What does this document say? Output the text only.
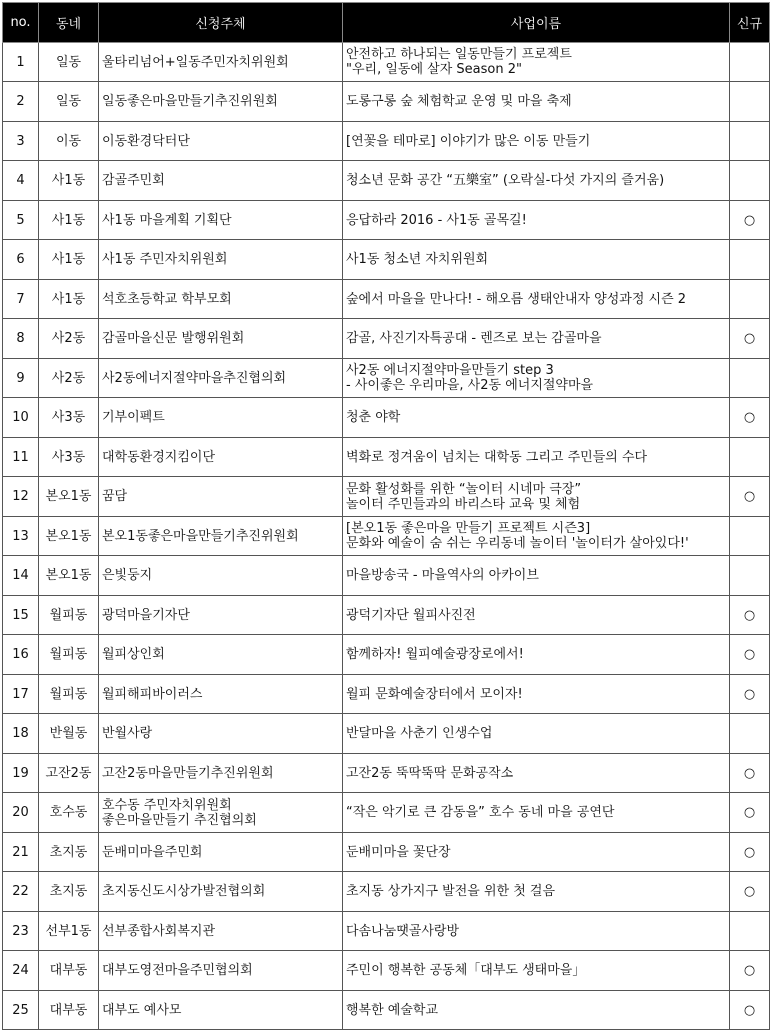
no.	동네	신청주체	사업이름	신규
1	일동	울타리넘어+일동주민자치위원회	안전하고 하나되는 일동만들기 프로젝트
"우리, 일동에 살자 Season 2"	

2	일동	일동좋은마을만들기추진위원회	도롱구롱 숲 체험학교 운영 및 마을 축제	

3	이동	이동환경닥터단	[연꽃을 테마로] 이야기가 많은 이동 만들기	

4	사1동	감골주민회	청소년 문화 공간 “五樂室” (오락실-다섯 가지의 즐거움)	

5	사1동	사1동 마을계획 기획단	응답하라 2016 - 사1동 골목길!	○
6	사1동	사1동 주민자치위원회	사1동 청소년 자치위원회	

7	사1동	석호초등학교 학부모회	숲에서 마을을 만나다! - 해오름 생태안내자 양성과정 시즌 2	

8	사2동	감골마을신문 발행위원회	감골, 사진기자특공대 - 렌즈로 보는 감골마을	○
9	사2동	사2동에너지절약마을추진협의회	사2동 에너지절약마을만들기 step 3
- 사이좋은 우리마을, 사2동 에너지절약마을	

10	사3동	기부이펙트	청춘 야학	○
11	사3동	대학동환경지킴이단	벽화로 정겨움이 넘치는 대학동 그리고 주민들의 수다	

12	본오1동	꿈담	문화 활성화를 위한 “놀이터 시네마 극장”
놀이터 주민들과의 바리스타 교육 및 체험	○
13	본오1동	본오1동좋은마을만들기추진위원회	[본오1동 좋은마을 만들기 프로젝트 시즌3]
문화와 예술이 숨 쉬는 우리동네 놀이터 '놀이터가 살아있다!'	

14	본오1동	은빛둥지	마을방송국 - 마을역사의 아카이브	

15	월피동	광덕마을기자단	광덕기자단 월피사진전	○
16	월피동	월피상인회	함께하자! 월피예술광장로에서!	○
17	월피동	월피해피바이러스	월피 문화예술장터에서 모이자!	○
18	반월동	반월사랑	반달마을 사춘기 인생수업	

19	고잔2동	고잔2동마을만들기추진위원회	고잔2동 뚝딱뚝딱 문화공작소	○
20	호수동	호수동 주민자치위원회
좋은마을만들기 추진협의회	“작은 악기로 큰 감동을” 호수 동네 마을 공연단	○
21	초지동	둔배미마을주민회	둔배미마을 꽃단장	○
22	초지동	초지동신도시상가발전협의회	초지동 상가지구 발전을 위한 첫 걸음	○
23	선부1동	선부종합사회복지관	다솜나눔땟골사랑방	

24	대부동	대부도영전마을주민협의회	주민이 행복한 공동체「대부도 생태마을」	○
25	대부동	대부도 예사모	행복한 예술학교	○
